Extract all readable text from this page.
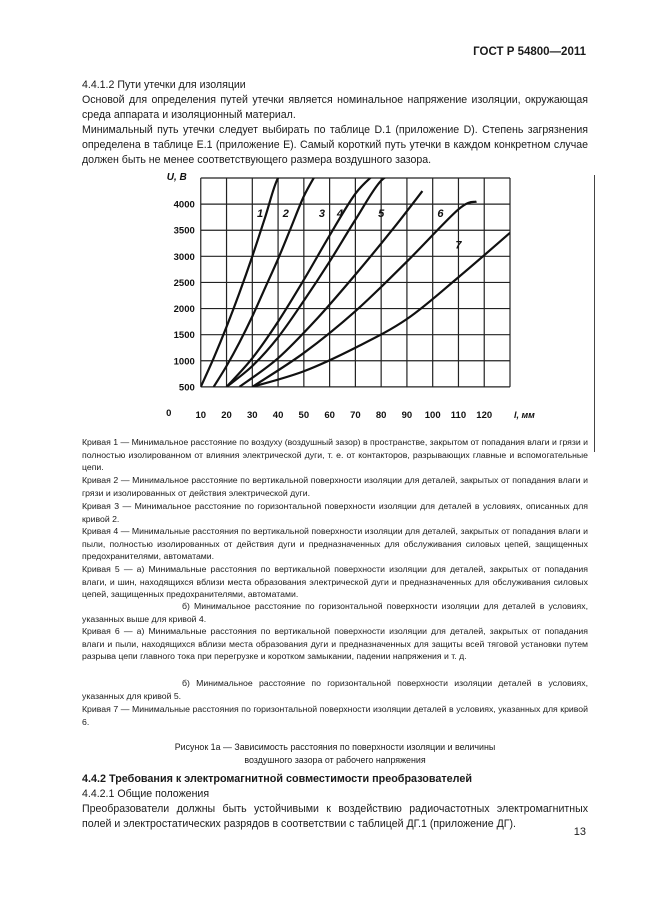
ГОСТ Р 54800—2011
4.4.1.2 Пути утечки для изоляции
Основой для определения путей утечки является номинальное напряжение изоляции, окружающая среда аппарата и изоляционный материал.
Минимальный путь утечки следует выбирать по таблице D.1 (приложение D). Степень загрязнения определена в таблице Е.1 (приложение Е). Самый короткий путь утечки в каждом конкретном случае должен быть не менее соответствующего размера воздушного зазора.
500
1000
1500
2000
2500
3000
3500
4000
10 20 30 40 50 60 70 80 90 100 110 120
0
U, В
l, мм
1 2	3 4	5	6
7
Кривая 1 — Минимальное расстояние по воздуху (воздушный зазор) в пространстве, закрытом от попадания влаги и грязи и полностью изолированном от влияния электрической дуги, т. е. от контакторов, разрывающих главные и вспомогательные цепи.
Кривая 2 — Минимальное расстояние по вертикальной поверхности изоляции для деталей, закрытых от попадания влаги и грязи и изолированных от действия электрической дуги.
Кривая 3 — Минимальное расстояние по горизонтальной поверхности изоляции для деталей в условиях, описанных для кривой 2.
Кривая 4 — Минимальные расстояния по вертикальной поверхности изоляции для деталей, закрытых от попадания влаги и пыли, полностью изолированных от действия дуги и предназначенных для обслуживания силовых цепей, защищенных предохранителями, автоматами.
Кривая 5 — а) Минимальные расстояния по вертикальной поверхности изоляции для деталей, закрытых от попадания влаги, и шин, находящихся вблизи места образования электрической дуги и предназначенных для обслуживания силовых цепей, защищенных предохранителями, автоматами.
б) Минимальное расстояние по горизонтальной поверхности изоляции для деталей в условиях, указанных выше для кривой 4.
Кривая 6 — а) Минимальные расстояния по вертикальной поверхности изоляции для деталей, закрытых от попадания влаги и пыли, находящихся вблизи места образования дуги и предназначенных для защиты всей тяговой установки путем разрыва цепи главного тока при перегрузке и коротком замыкании, падении напряжения и т. д.
б) Минимальное расстояние по горизонтальной поверхности изоляции деталей в условиях, указанных для кривой 5.
Кривая 7 — Минимальные расстояния по горизонтальной поверхности изоляции деталей в условиях, указанных для кривой 6.
Рисунок 1а — Зависимость расстояния по поверхности изоляции и величины
воздушного зазора от рабочего напряжения
4.4.2 Требования к электромагнитной совместимости преобразователей
4.4.2.1 Общие положения
Преобразователи должны быть устойчивыми к воздействию радиочастотных электромагнитных полей и электростатических разрядов в соответствии с таблицей ДГ.1 (приложение ДГ).
13
